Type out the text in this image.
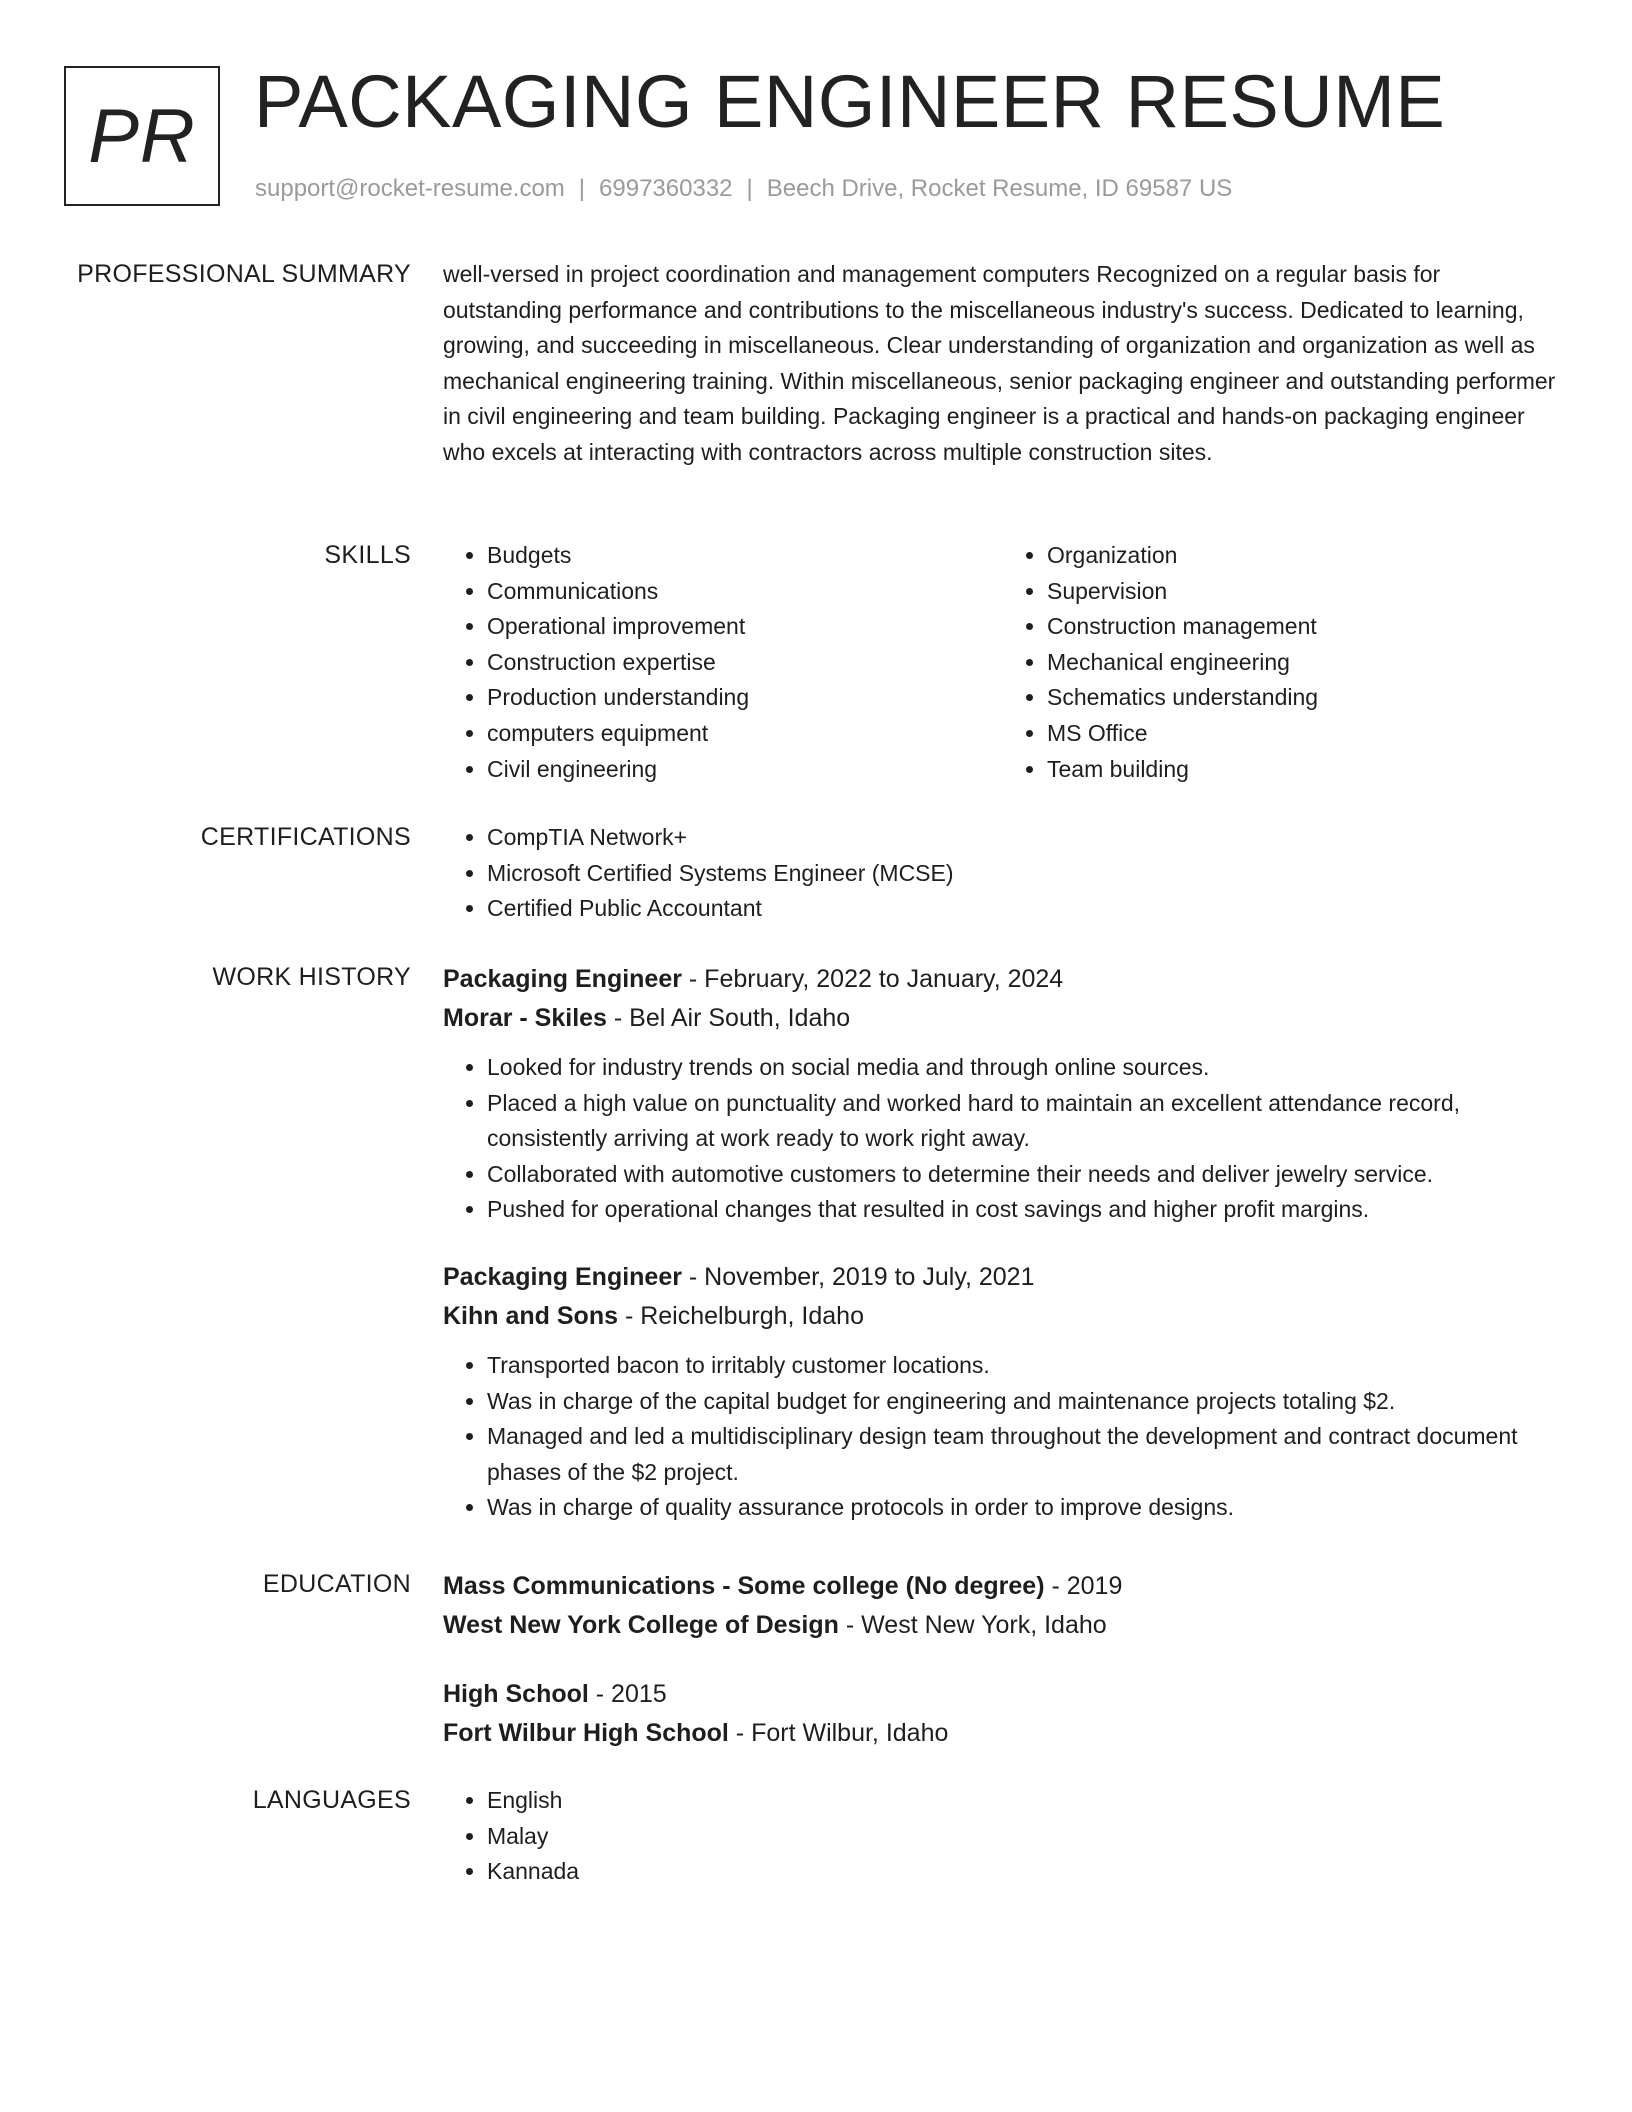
PR PACKAGING ENGINEER RESUME
support@rocket-resume.com | 6997360332 | Beech Drive, Rocket Resume, ID 69587 US
PROFESSIONAL SUMMARY well-versed in project coordination and management computers Recognized on a regular basis for outstanding performance and contributions to the miscellaneous industry's success. Dedicated to learning, growing, and succeeding in miscellaneous. Clear understanding of organization and organization as well as mechanical engineering training. Within miscellaneous, senior packaging engineer and outstanding performer in civil engineering and team building. Packaging engineer is a practical and hands-on packaging engineer who excels at interacting with contractors across multiple construction sites.

SKILLS	• Budgets
• Communications
• Operational improvement
• Construction expertise
• Production understanding
• computers equipment
• Civil engineering
• Organization
• Supervision
• Construction management
• Mechanical engineering
• Schematics understanding
• MS Office
• Team building
CERTIFICATIONS	• CompTIA Network+
• Microsoft Certified Systems Engineer (MCSE)
• Certified Public Accountant
WORK HISTORY Packaging Engineer - February, 2022 to January, 2024
Morar - Skiles - Bel Air South, Idaho
• Looked for industry trends on social media and through online sources.
• Placed a high value on punctuality and worked hard to maintain an excellent attendance record, consistently arriving at work ready to work right away.
• Collaborated with automotive customers to determine their needs and deliver jewelry service.
• Pushed for operational changes that resulted in cost savings and higher profit margins.
Packaging Engineer - November, 2019 to July, 2021
Kihn and Sons - Reichelburgh, Idaho
• Transported bacon to irritably customer locations.
• Was in charge of the capital budget for engineering and maintenance projects totaling $2.
• Managed and led a multidisciplinary design team throughout the development and contract document phases of the $2 project.
• Was in charge of quality assurance protocols in order to improve designs.
EDUCATION Mass Communications - Some college (No degree) - 2019
West New York College of Design - West New York, Idaho
High School - 2015
Fort Wilbur High School - Fort Wilbur, Idaho
LANGUAGES	• English
• Malay
• Kannada
